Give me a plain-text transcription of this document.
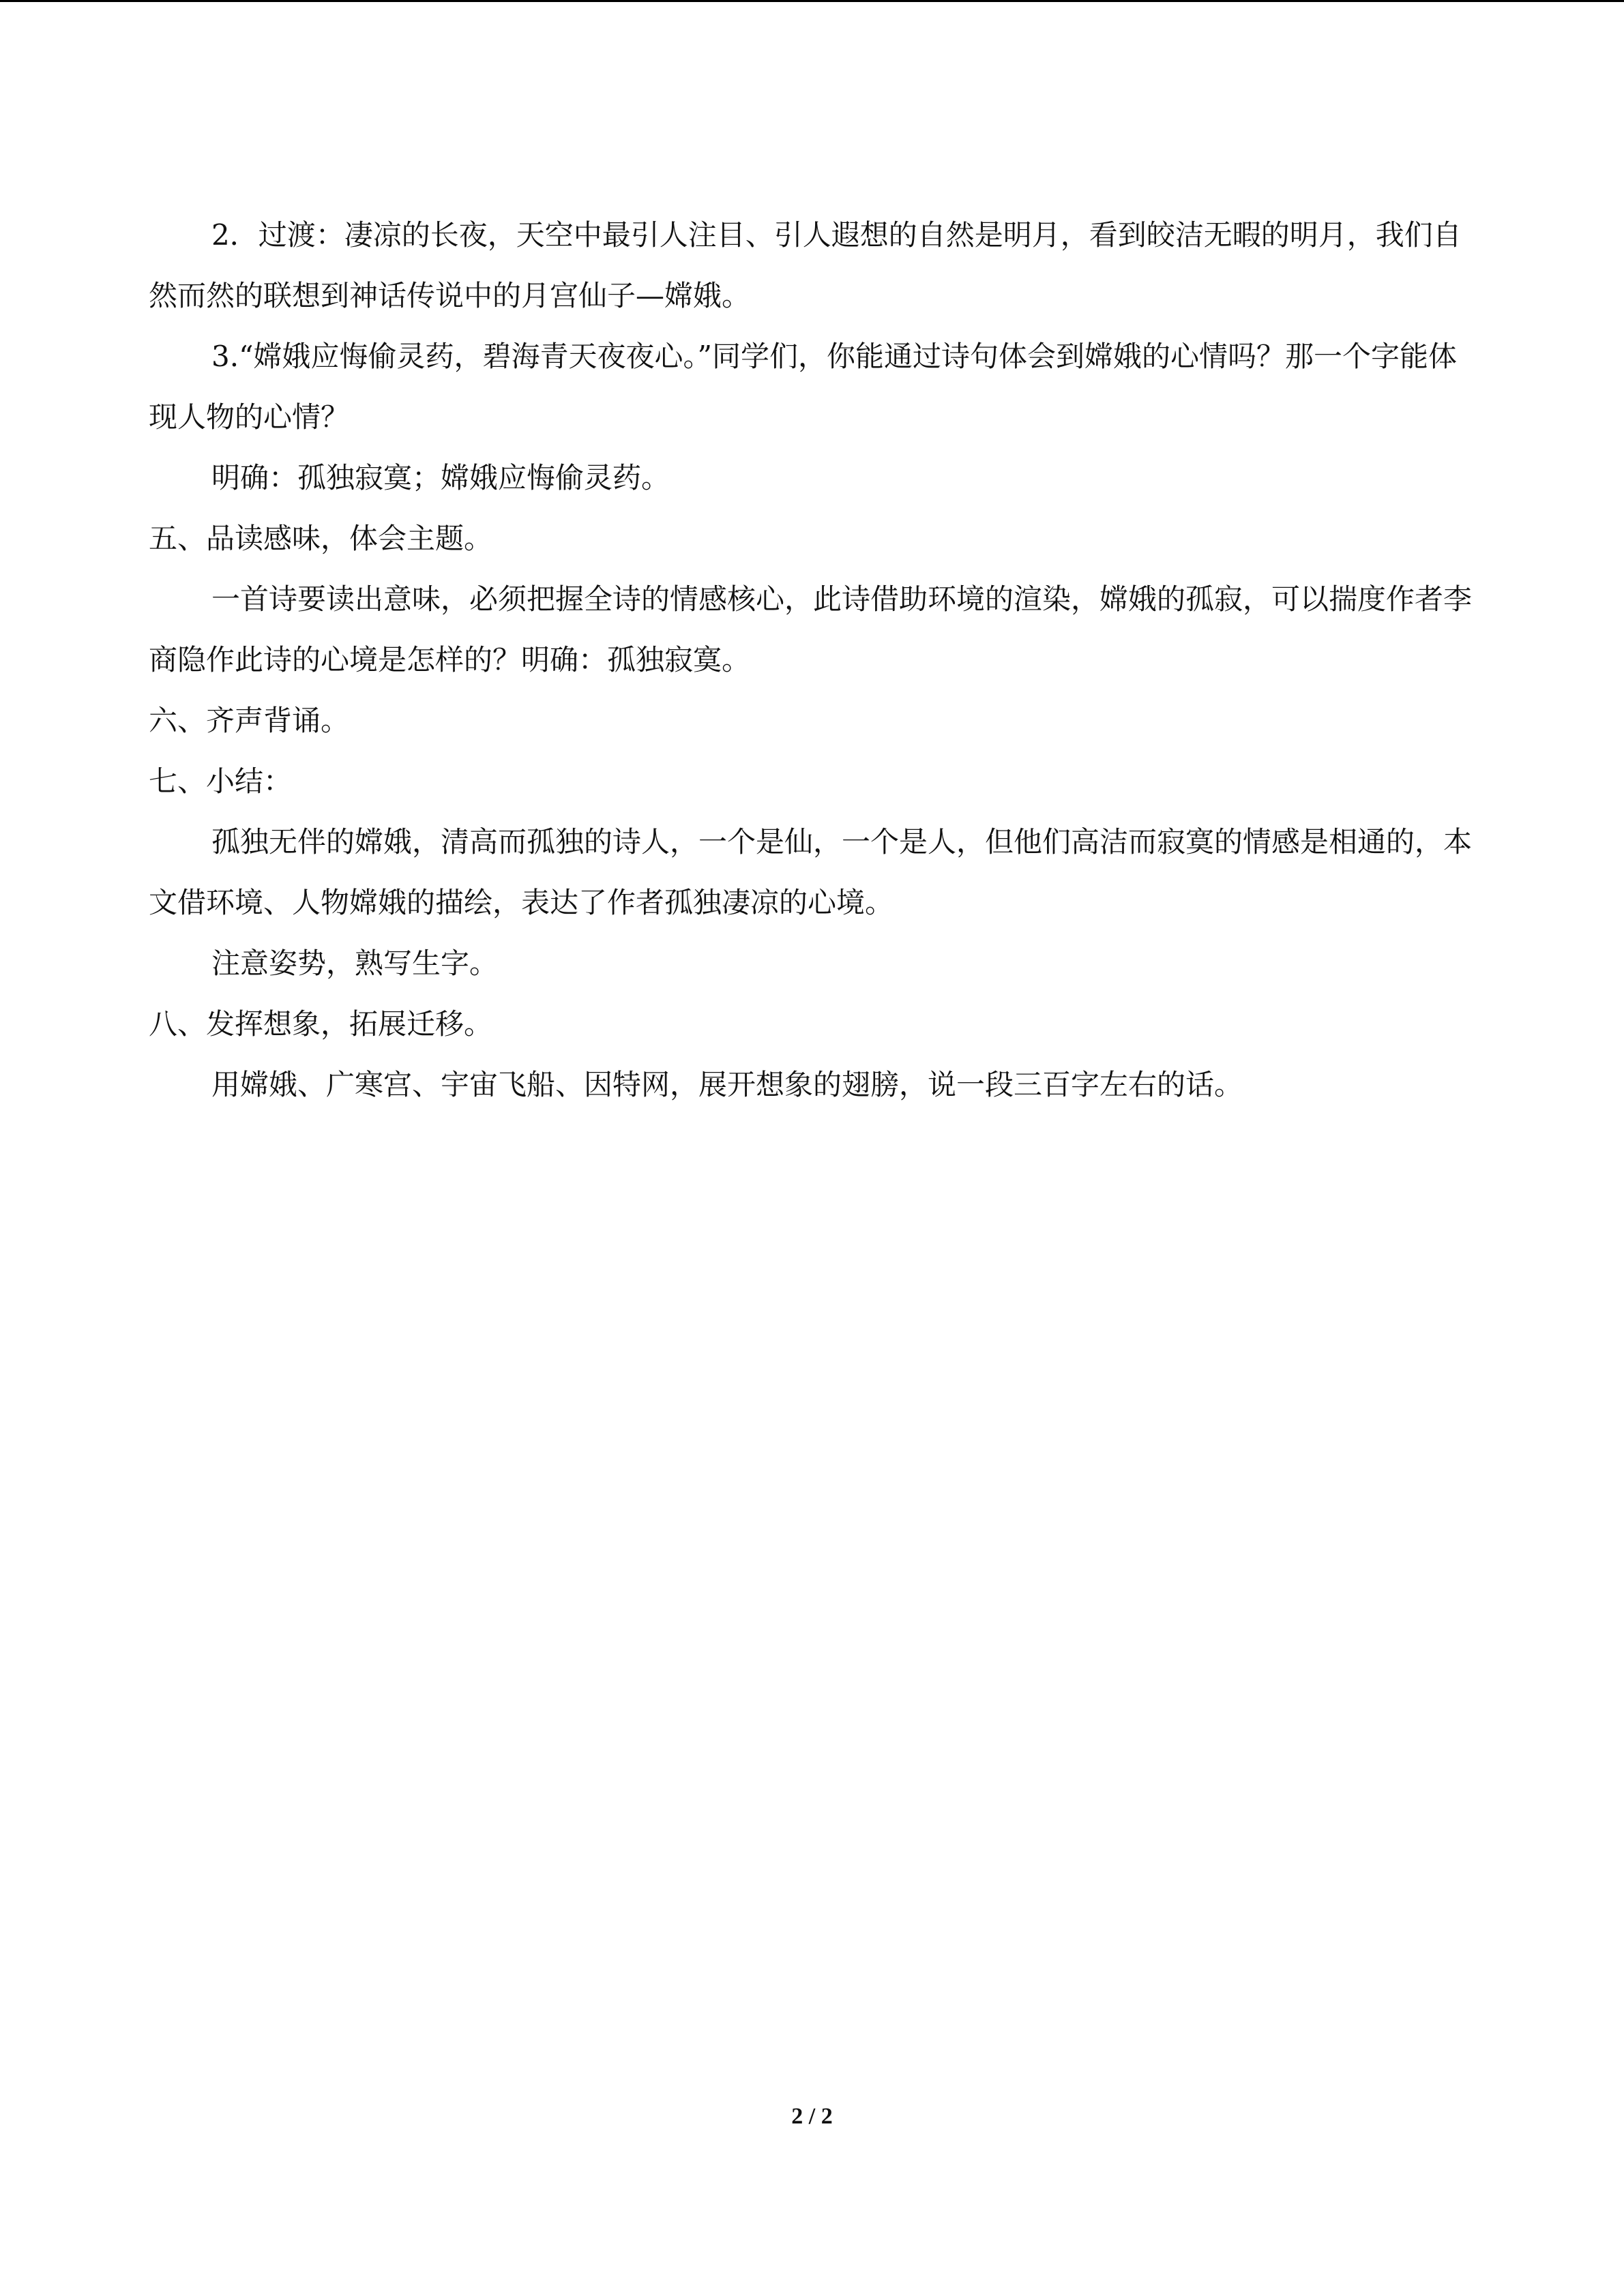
2．过渡：凄凉的长夜，天空中最引人注目、引人遐想的自然是明月，看到皎洁无暇的明月，我们自然而然的联想到神话传说中的月宫仙子—嫦娥。

3.“嫦娥应悔偷灵药，碧海青天夜夜心。”同学们，你能通过诗句体会到嫦娥的心情吗？那一个字能体现人物的心情？

明确：孤独寂寞；嫦娥应悔偷灵药。

五、品读感味，体会主题。

一首诗要读出意味，必须把握全诗的情感核心，此诗借助环境的渲染，嫦娥的孤寂，可以揣度作者李商隐作此诗的心境是怎样的？明确：孤独寂寞。

六、齐声背诵。

七、小结：

孤独无伴的嫦娥，清高而孤独的诗人，一个是仙，一个是人，但他们高洁而寂寞的情感是相通的，本文借环境、人物嫦娥的描绘，表达了作者孤独凄凉的心境。

注意姿势，熟写生字。

八、发挥想象，拓展迁移。

用嫦娥、广寒宫、宇宙飞船、因特网，展开想象的翅膀，说一段三百字左右的话。

2 / 2
